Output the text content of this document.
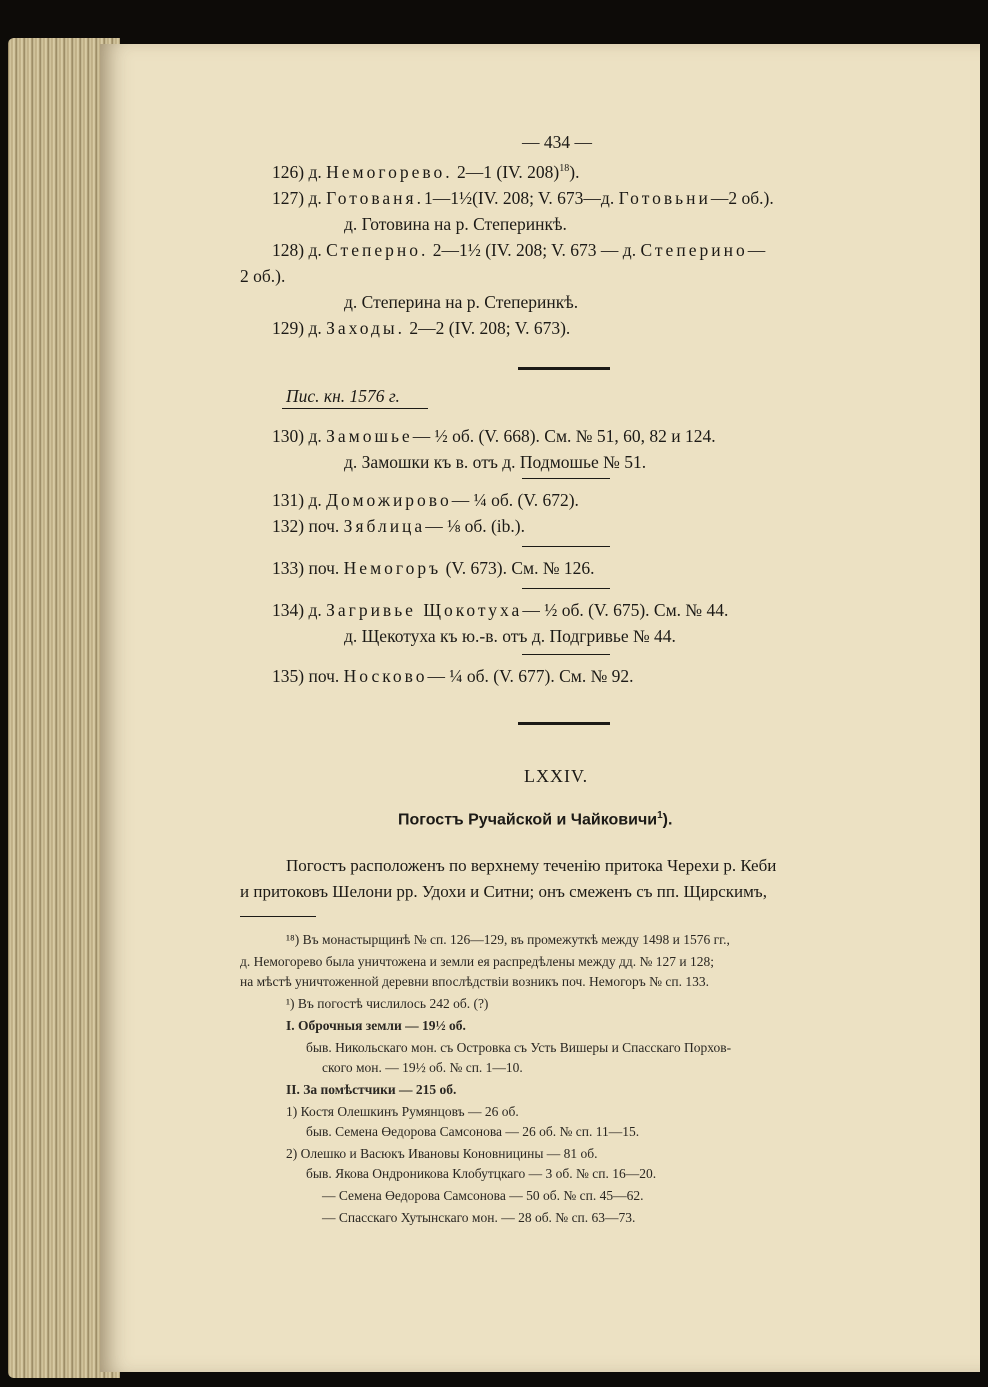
— 434 —
126) д. Немогорево. 2—1 (IV. 208)$^{18}$).
127) д. Готованя.1—1½(IV. 208; V. 673—д. Готовьни—2 об.).
д. Готовина на р. Степеринкѣ.
128) д. Степерно. 2—1½ (IV. 208; V. 673 — д. Степерино—
2 об.).
д. Степерина на р. Степеринкѣ.
129) д. Заходы. 2—2 (IV. 208; V. 673).
Пис. кн. 1576 г.
130) д. Замошье— ½ об. (V. 668). См. № 51, 60, 82 и 124.
д. Замошки къ в. отъ д. Подмошье № 51.
131) д. Доможирово— ¼ об. (V. 672).
132) поч. Зяблица— ⅛ об. (ib.).
133) поч. Немогоръ (V. 673). См. № 126.
134) д. Загривье Щокотуха— ½ об. (V. 675). См. № 44.
д. Щекотуха къ ю.-в. отъ д. Подгривье № 44.
135) поч. Носково— ¼ об. (V. 677). См. № 92.
LXXIV.
Погостъ Ручайской и Чайковичи$^1$).
Погостъ расположенъ по верхнему теченію притока Черехи р. Кеби
и притоковъ Шелони рр. Удохи и Ситни; онъ смеженъ съ пп. Щирскимъ,
¹⁸) Въ монастырщинѣ № сп. 126—129, въ промежуткѣ между 1498 и 1576 гг.,
д. Немогорево была уничтожена и земли ея распредѣлены между дд. № 127 и 128;
на мѣстѣ уничтоженной деревни впослѣдствіи возникъ поч. Немогоръ № сп. 133.
¹) Въ погостѣ числилось 242 об. (?)
I. Оброчныя земли — 19½ об.
быв. Никольскаго мон. съ Островка съ Усть Вишеры и Спасскаго Порхов-
ского мон. — 19½ об. № сп. 1—10.
II. За помѣстчики — 215 об.
1) Костя Олешкинъ Румянцовъ — 26 об.
быв. Семена Өедорова Самсонова — 26 об. № сп. 11—15.
2) Олешко и Васюкъ Ивановы Коновницины — 81 об.
быв. Якова Ондроникова Клобутцкаго — 3 об. № сп. 16—20.
— Семена Өедорова Самсонова — 50 об. № сп. 45—62.
— Спасскаго Хутынскаго мон. — 28 об. № сп. 63—73.
